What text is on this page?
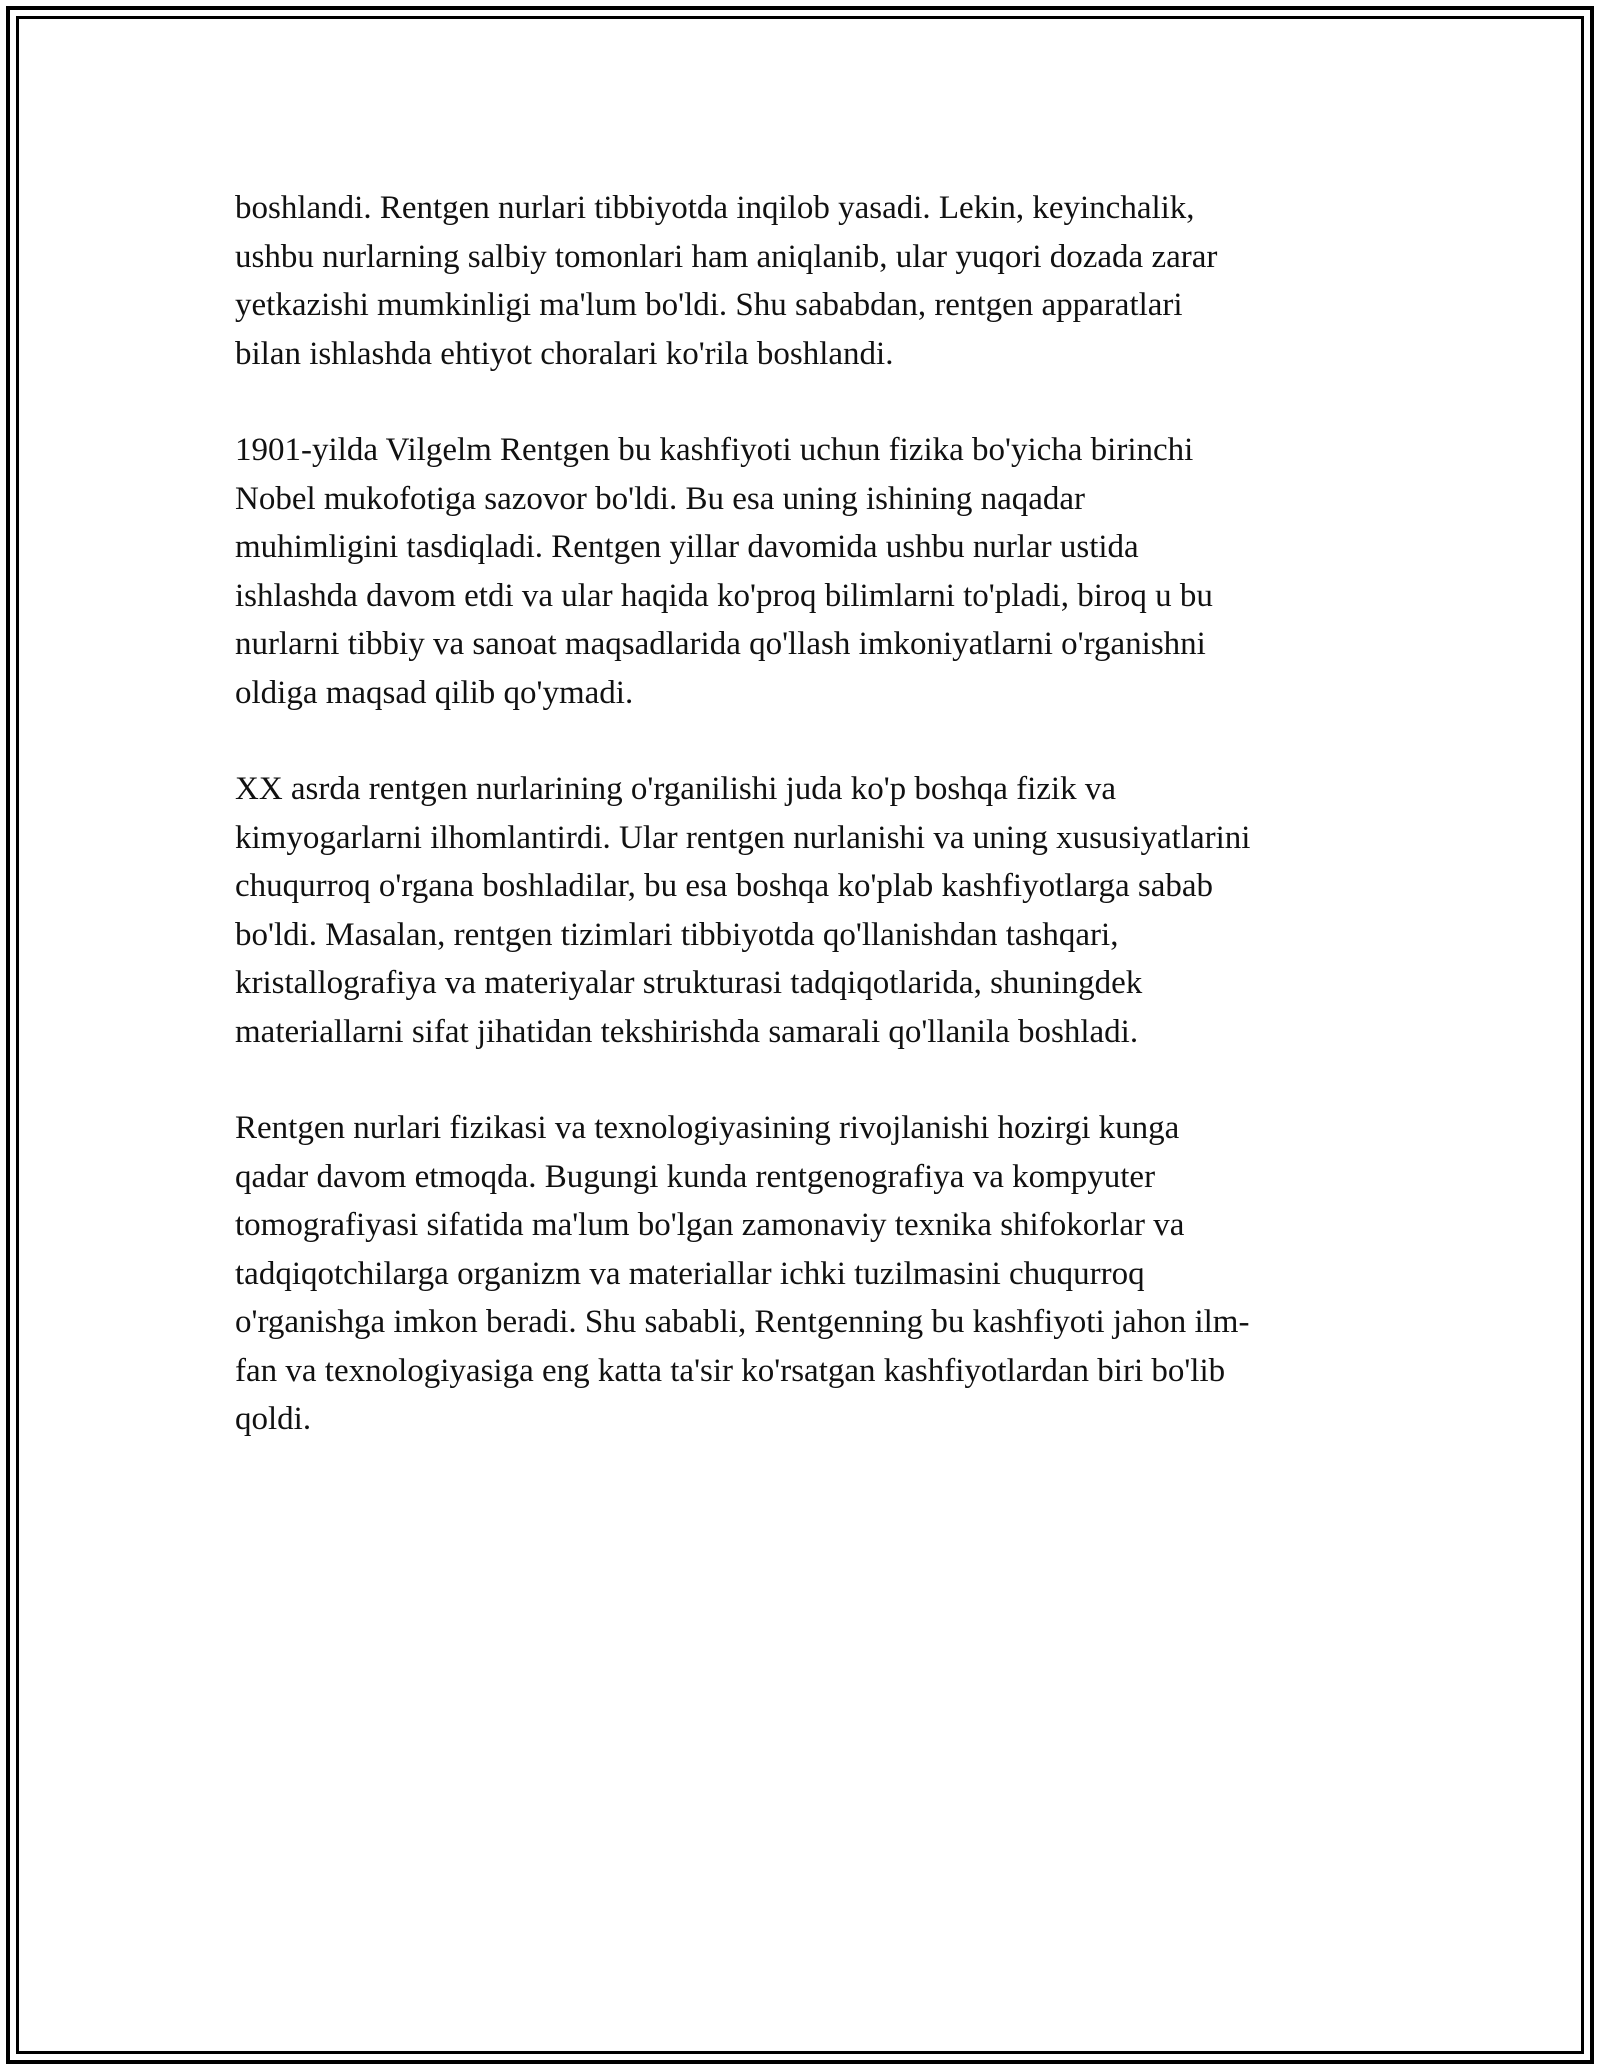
boshlandi. Rentgen nurlari tibbiyotda inqilob yasadi. Lekin, keyinchalik,
ushbu nurlarning salbiy tomonlari ham aniqlanib, ular yuqori dozada zarar
yetkazishi mumkinligi ma'lum bo'ldi. Shu sababdan, rentgen apparatlari
bilan ishlashda ehtiyot choralari ko'rila boshlandi.

1901-yilda Vilgelm Rentgen bu kashfiyoti uchun fizika bo'yicha birinchi
Nobel mukofotiga sazovor bo'ldi. Bu esa uning ishining naqadar
muhimligini tasdiqladi. Rentgen yillar davomida ushbu nurlar ustida
ishlashda davom etdi va ular haqida ko'proq bilimlarni to'pladi, biroq u bu
nurlarni tibbiy va sanoat maqsadlarida qo'llash imkoniyatlarni o'rganishni
oldiga maqsad qilib qo'ymadi.

XX asrda rentgen nurlarining o'rganilishi juda ko'p boshqa fizik va
kimyogarlarni ilhomlantirdi. Ular rentgen nurlanishi va uning xususiyatlarini
chuqurroq o'rgana boshladilar, bu esa boshqa ko'plab kashfiyotlarga sabab
bo'ldi. Masalan, rentgen tizimlari tibbiyotda qo'llanishdan tashqari,
kristallografiya va materiyalar strukturasi tadqiqotlarida, shuningdek
materiallarni sifat jihatidan tekshirishda samarali qo'llanila boshladi.

Rentgen nurlari fizikasi va texnologiyasining rivojlanishi hozirgi kunga
qadar davom etmoqda. Bugungi kunda rentgenografiya va kompyuter
tomografiyasi sifatida ma'lum bo'lgan zamonaviy texnika shifokorlar va
tadqiqotchilarga organizm va materiallar ichki tuzilmasini chuqurroq
o'rganishga imkon beradi. Shu sababli, Rentgenning bu kashfiyoti jahon ilm-
fan va texnologiyasiga eng katta ta'sir ko'rsatgan kashfiyotlardan biri bo'lib
qoldi.
